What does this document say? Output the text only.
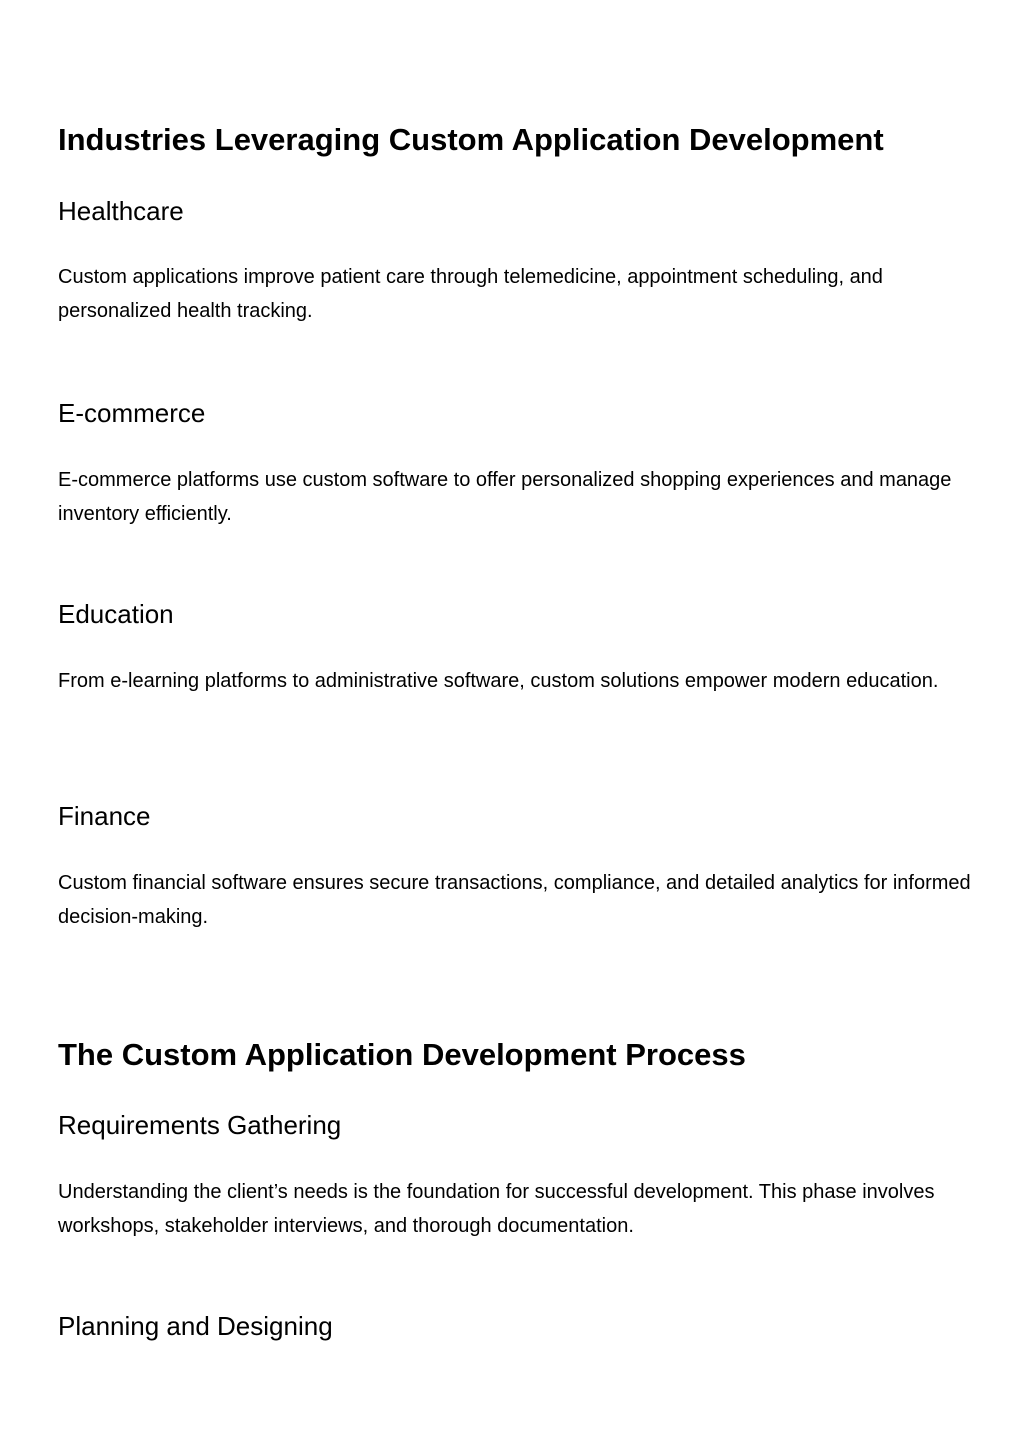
Industries Leveraging Custom Application Development
Healthcare

Custom applications improve patient care through telemedicine, appointment scheduling, and personalized health tracking.

E-commerce

E-commerce platforms use custom software to offer personalized shopping experiences and manage inventory efficiently.

Education

From e-learning platforms to administrative software, custom solutions empower modern education.

Finance

Custom financial software ensures secure transactions, compliance, and detailed analytics for informed decision-making.

The Custom Application Development Process
Requirements Gathering

Understanding the client’s needs is the foundation for successful development. This phase involves workshops, stakeholder interviews, and thorough documentation.

Planning and Designing
